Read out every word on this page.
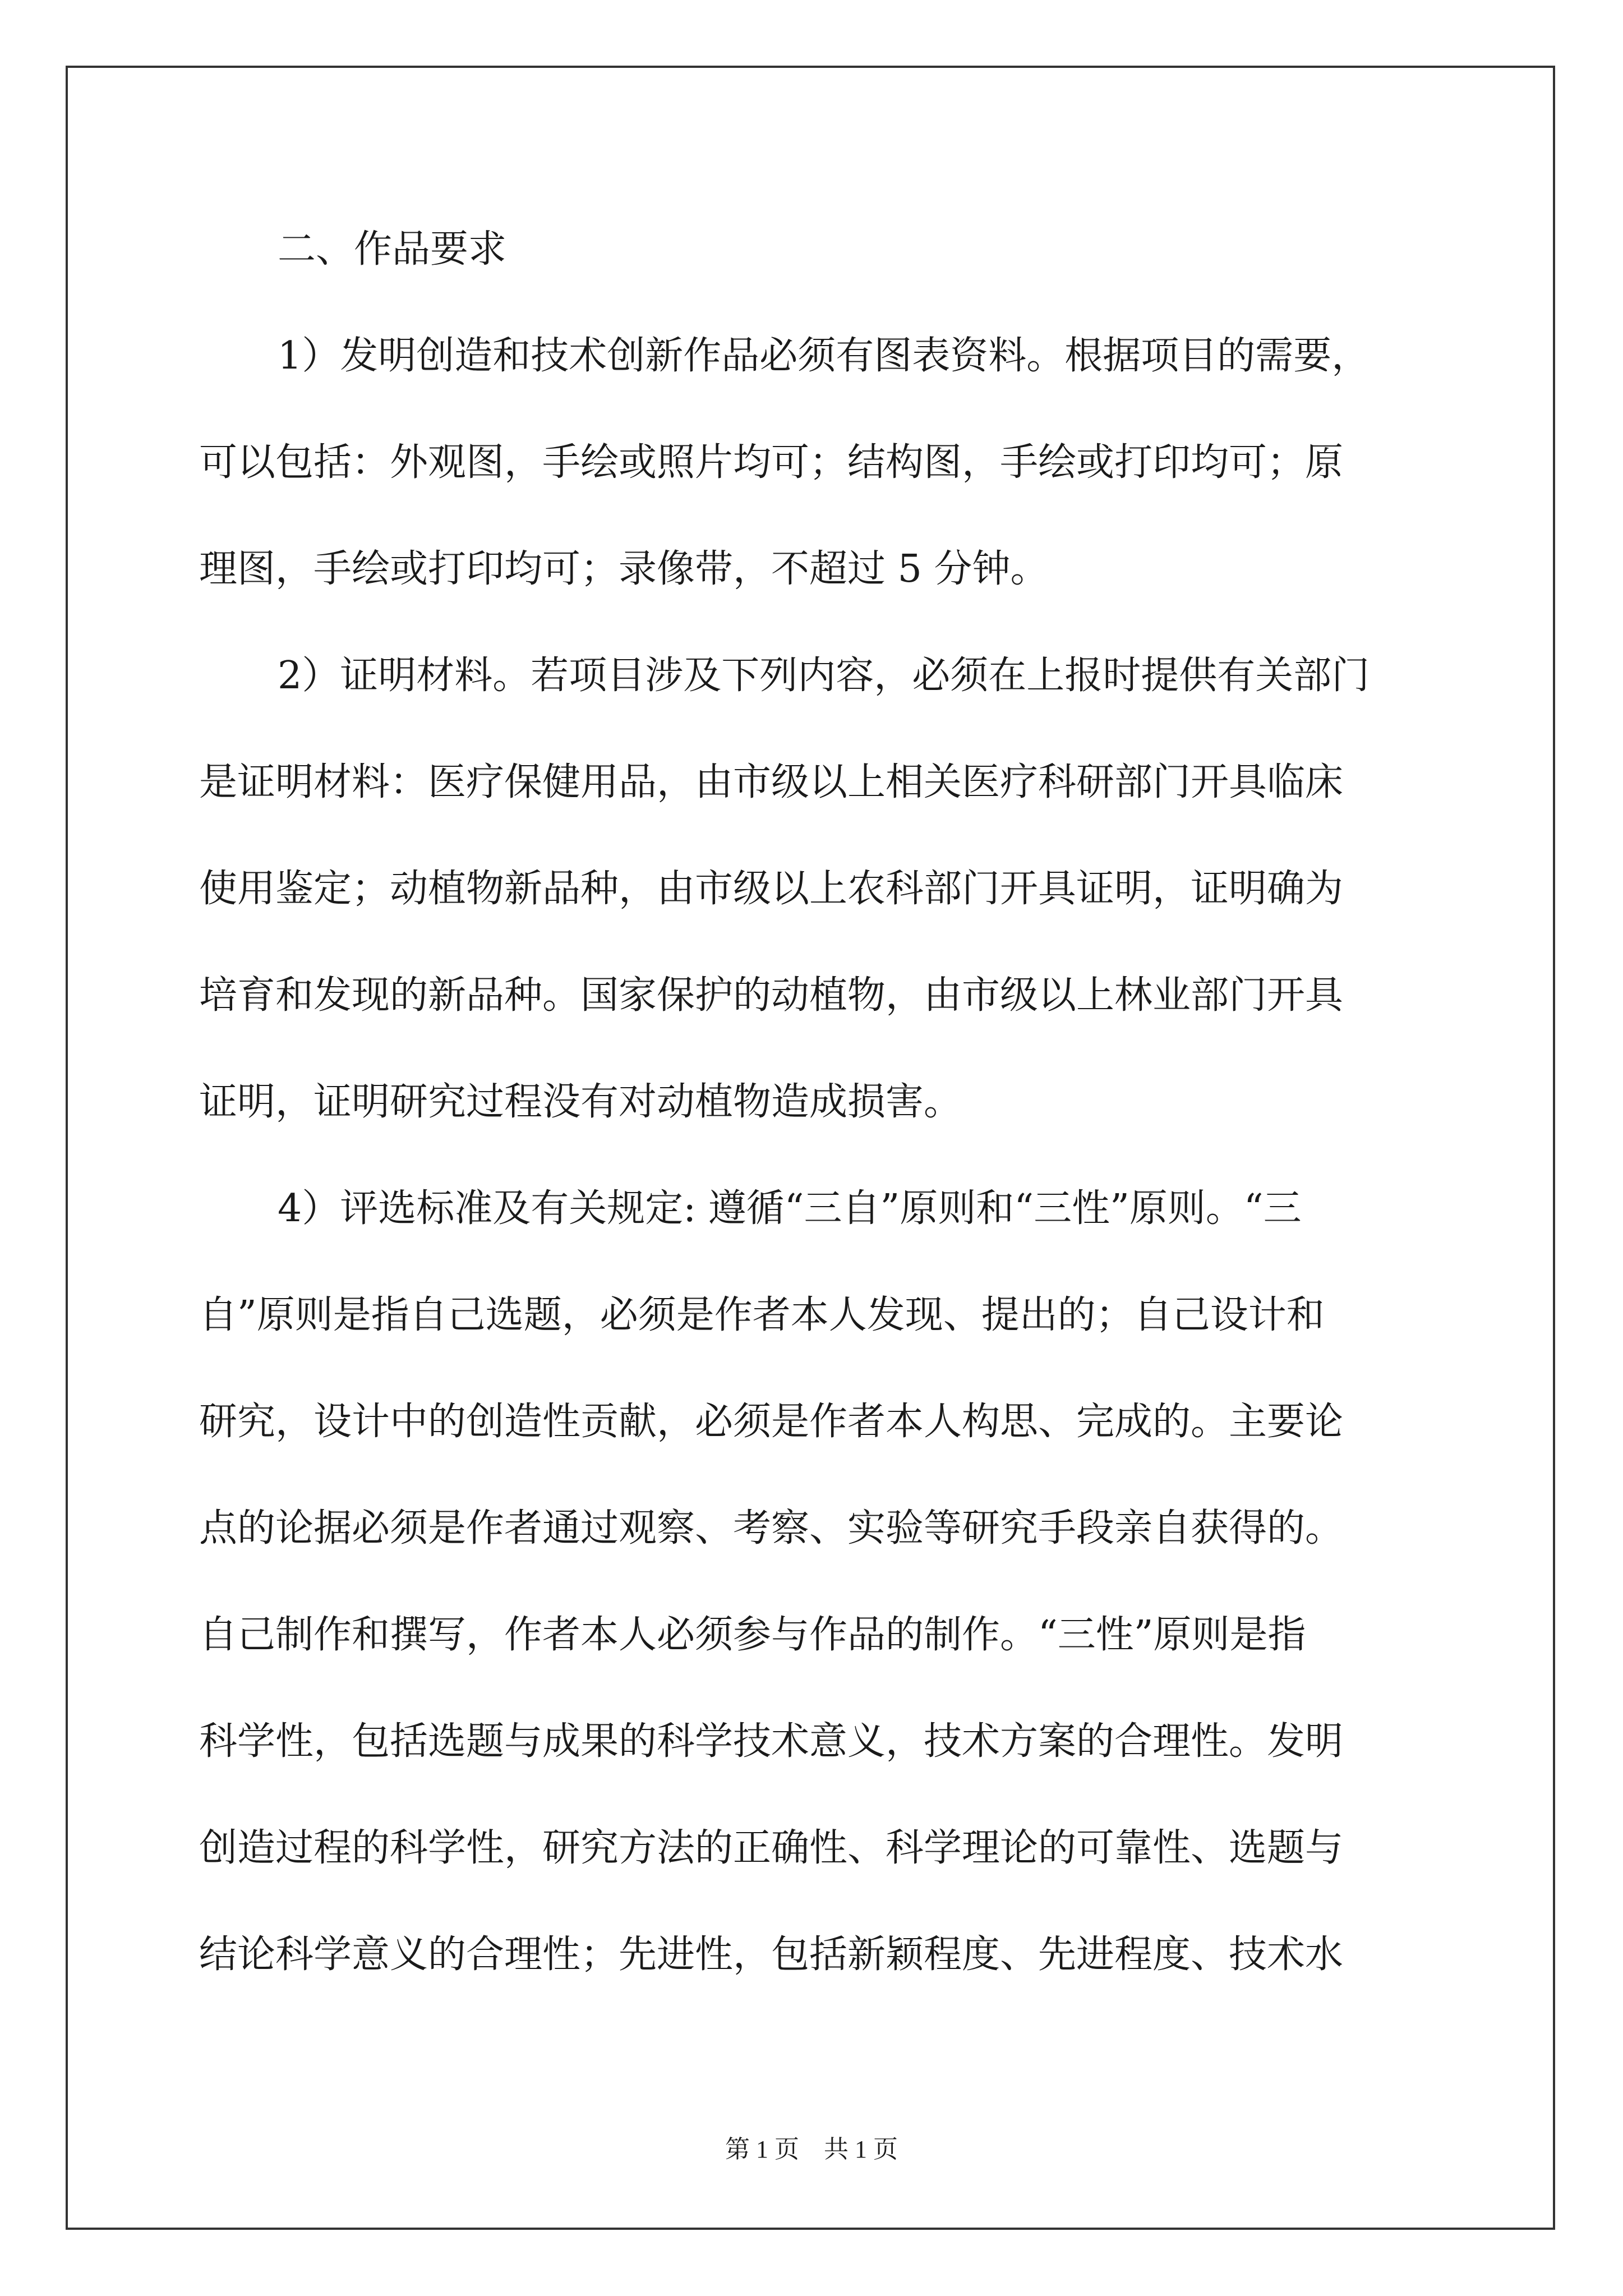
二、作品要求

1）发明创造和技术创新作品必须有图表资料。根据项目的需要，

可以包括：外观图，手绘或照片均可；结构图，手绘或打印均可；原

理图，手绘或打印均可；录像带，不超过 5 分钟。

2）证明材料。若项目涉及下列内容，必须在上报时提供有关部门

是证明材料：医疗保健用品，由市级以上相关医疗科研部门开具临床

使用鉴定；动植物新品种，由市级以上农科部门开具证明，证明确为

培育和发现的新品种。国家保护的动植物，由市级以上林业部门开具

证明，证明研究过程没有对动植物造成损害。

4）评选标准及有关规定: 遵循“三自”原则和“三性”原则。“三

自”原则是指自己选题，必须是作者本人发现、提出的；自己设计和

研究，设计中的创造性贡献，必须是作者本人构思、完成的。主要论

点的论据必须是作者通过观察、考察、实验等研究手段亲自获得的。

自己制作和撰写，作者本人必须参与作品的制作。“三性”原则是指

科学性，包括选题与成果的科学技术意义，技术方案的合理性。发明

创造过程的科学性，研究方法的正确性、科学理论的可靠性、选题与

结论科学意义的合理性；先进性，包括新颖程度、先进程度、技术水

第 1 页　共 1 页
